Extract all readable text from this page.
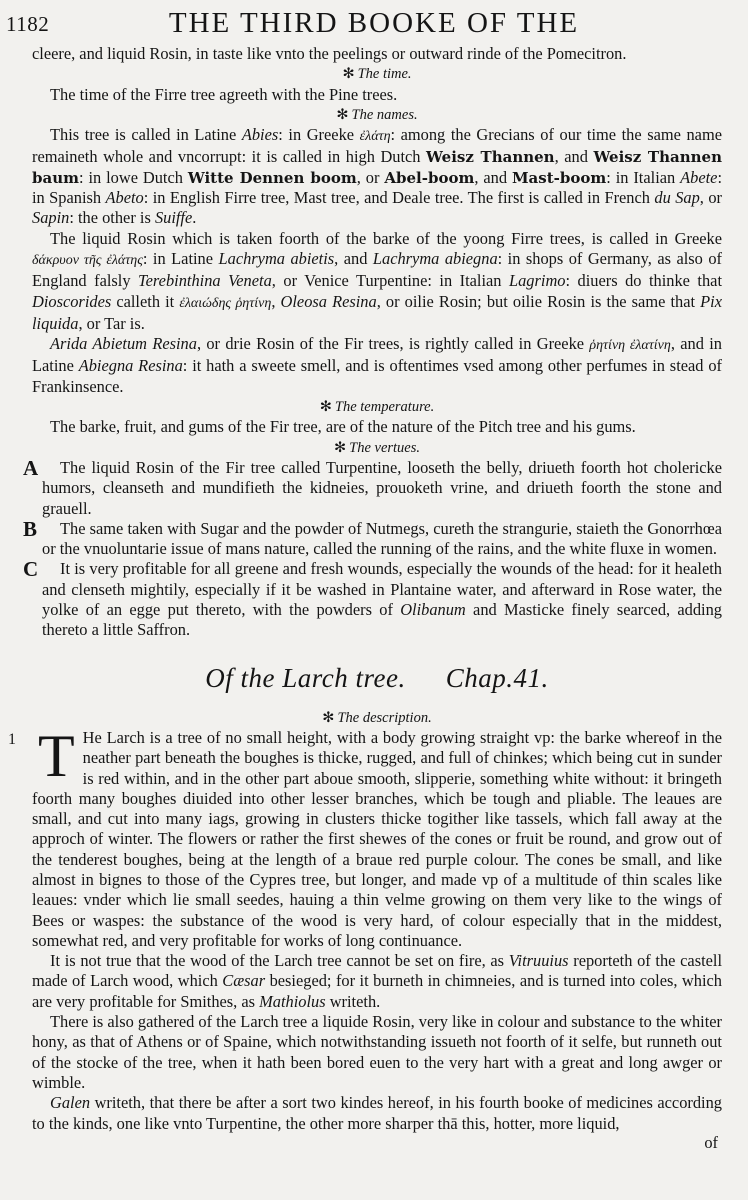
1182	THE THIRD BOOKE OF THE

cleere, and liquid Rosin, in taste like vnto the peelings or outward rinde of the Pomecitron.

✻ The time.

The time of the Firre tree agreeth with the Pine trees.

✻ The names.

This tree is called in Latine Abies: in Greeke ἐλάτη: among the Grecians of our time the same name remaineth whole and vncorrupt: it is called in high Dutch Weisz Thannen, and Weisz Thannen baum: in lowe Dutch Witte Dennen boom, or Abel-boom, and Mast-boom: in Italian Abete: in Spanish Abeto: in English Firre tree, Mast tree, and Deale tree. The first is called in French du Sap, or Sapin: the other is Suiffe.

The liquid Rosin which is taken foorth of the barke of the yoong Firre trees, is called in Greeke δάκρυον τῆς ἐλάτης: in Latine Lachryma abietis, and Lachryma abiegna: in shops of Germany, as also of England falsly Terebinthina Veneta, or Venice Turpentine: in Italian Lagrimo: diuers do thinke that Dioscorides calleth it ἐλαιώδης ῥητίνη, Oleosa Resina, or oilie Rosin; but oilie Rosin is the same that Pix liquida, or Tar is.

Arida Abietum Resina, or drie Rosin of the Fir trees, is rightly called in Greeke ῥητίνη ἐλατίνη, and in Latine Abiegna Resina: it hath a sweete smell, and is oftentimes vsed among other perfumes in stead of Frankinsence.

✻ The temperature.

The barke, fruit, and gums of the Fir tree, are of the nature of the Pitch tree and his gums.

✻ The vertues.

A The liquid Rosin of the Fir tree called Turpentine, looseth the belly, driueth foorth hot cholericke humors, cleanseth and mundifieth the kidneies, prouoketh vrine, and driueth foorth the stone and grauell.

B The same taken with Sugar and the powder of Nutmegs, cureth the strangurie, staieth the Gonorrhœa or the vnuoluntarie issue of mans nature, called the running of the rains, and the white fluxe in women.

C It is very profitable for all greene and fresh wounds, especially the wounds of the head: for it healeth and clenseth mightily, especially if it be washed in Plantaine water, and afterward in Rose water, the yolke of an egge put thereto, with the powders of Olibanum and Masticke finely searced, adding thereto a little Saffron.

Of the Larch tree. Chap.41.

✻ The description.

1 T He Larch is a tree of no small height, with a body growing straight vp: the barke whereof in the neather part beneath the boughes is thicke, rugged, and full of chinkes; which being cut in sunder is red within, and in the other part aboue smooth, slipperie, something white without: it bringeth foorth many boughes diuided into other lesser branches, which be tough and pliable. The leaues are small, and cut into many iags, growing in clusters thicke togither like tassels, which fall away at the approch of winter. The flowers or rather the first shewes of the cones or fruit be round, and grow out of the tenderest boughes, being at the length of a braue red purple colour. The cones be small, and like almost in bignes to those of the Cypres tree, but longer, and made vp of a multitude of thin scales like leaues: vnder which lie small seedes, hauing a thin velme growing on them very like to the wings of Bees or waspes: the substance of the wood is very hard, of colour especially that in the middest, somewhat red, and very profitable for works of long continuance.

It is not true that the wood of the Larch tree cannot be set on fire, as Vitruuius reporteth of the castell made of Larch wood, which Cæsar besieged; for it burneth in chimneies, and is turned into coles, which are very profitable for Smithes, as Mathiolus writeth.

There is also gathered of the Larch tree a liquide Rosin, very like in colour and substance to the whiter hony, as that of Athens or of Spaine, which notwithstanding issueth not foorth of it selfe, but runneth out of the stocke of the tree, when it hath been bored euen to the very hart with a great and long awger or wimble.

Galen writeth, that there be after a sort two kindes hereof, in his fourth booke of medicines according to the kinds, one like vnto Turpentine, the other more sharper thā this, hotter, more liquid,

of
